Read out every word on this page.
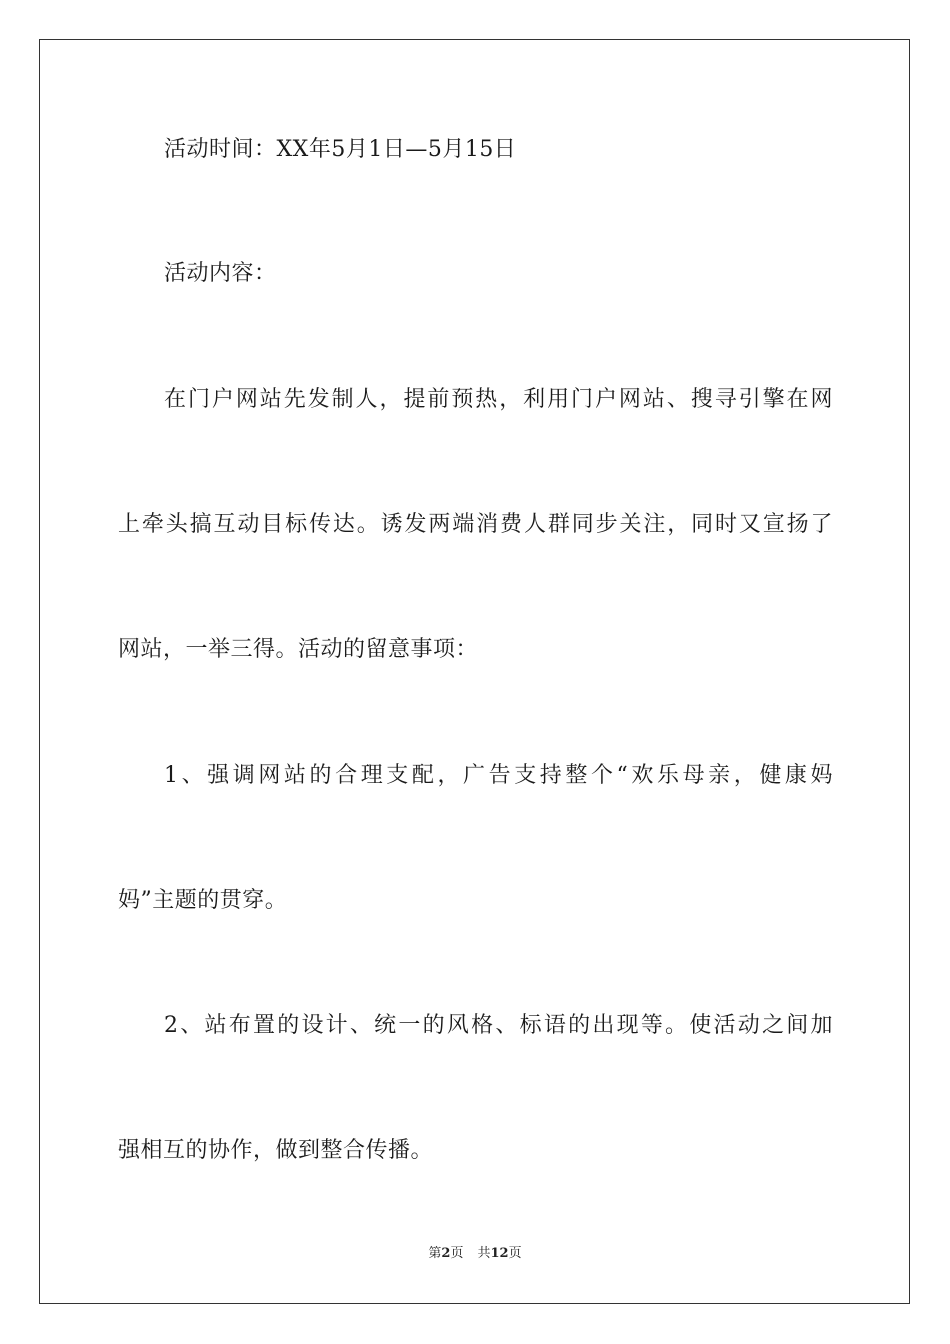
活动时间：XX年5月1日—5月15日
活动内容：
在门户网站先发制人，提前预热，利用门户网站、搜寻引擎在网
上牵头搞互动目标传达。诱发两端消费人群同步关注，同时又宣扬了
网站，一举三得。活动的留意事项：
1、强调网站的合理支配，广告支持整个“欢乐母亲，健康妈
妈”主题的贯穿。
2、站布置的设计、统一的风格、标语的出现等。使活动之间加
强相互的协作，做到整合传播。
第2页 共12页
